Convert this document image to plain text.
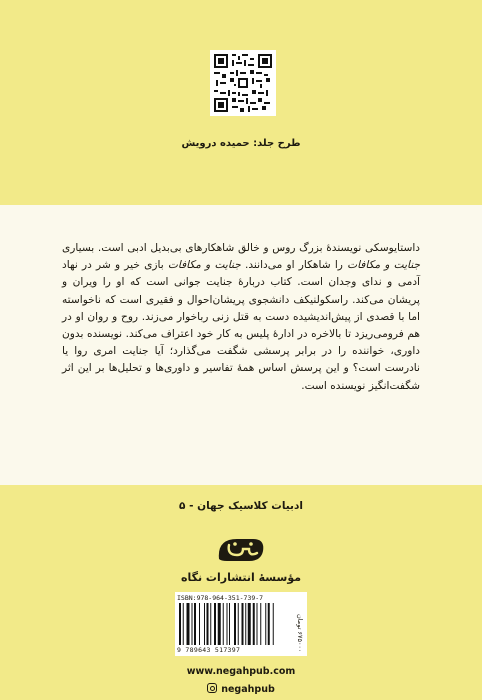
طرح جلد: حمیده درویش

داستایوسکی نویسندهٔ بزرگ روس و خالق شاهکارهای بی‌بدیل ادبی است. بسیاری جنایت و مکافات را شاهکار او می‌دانند. جنایت و مکافات بازی خیر و شر در نهاد آدمی و ندای وجدان است. کتاب دربارهٔ جنایت جوانی است که او را ویران و پریشان می‌کند. راسکولنیکف دانشجوی پریشان‌احوال و فقیری است که ناخواسته اما با قصدی از پیش‌اندیشیده دست به قتل زنی رباخوار می‌زند. روح و روان او در هم فرومی‌ریزد تا بالاخره در ادارهٔ پلیس به کار خود اعتراف می‌کند. نویسنده بدون داوری، خواننده را در برابر پرسشی شگفت می‌گذارد؛ آیا جنایت امری روا یا نادرست است؟ و این پرسش اساس همهٔ تفاسیر و داوری‌ها و تحلیل‌ها بر این اثر شگفت‌انگیز نویسنده است.

ادبیات کلاسیک جهان - ۵
مؤسسهٔ انتشارات نگاه
ISBN:978-964-351-739-7
9 789643 517397
۶۷۵۰۰۰ تومان
www.negahpub.com
negahpub
